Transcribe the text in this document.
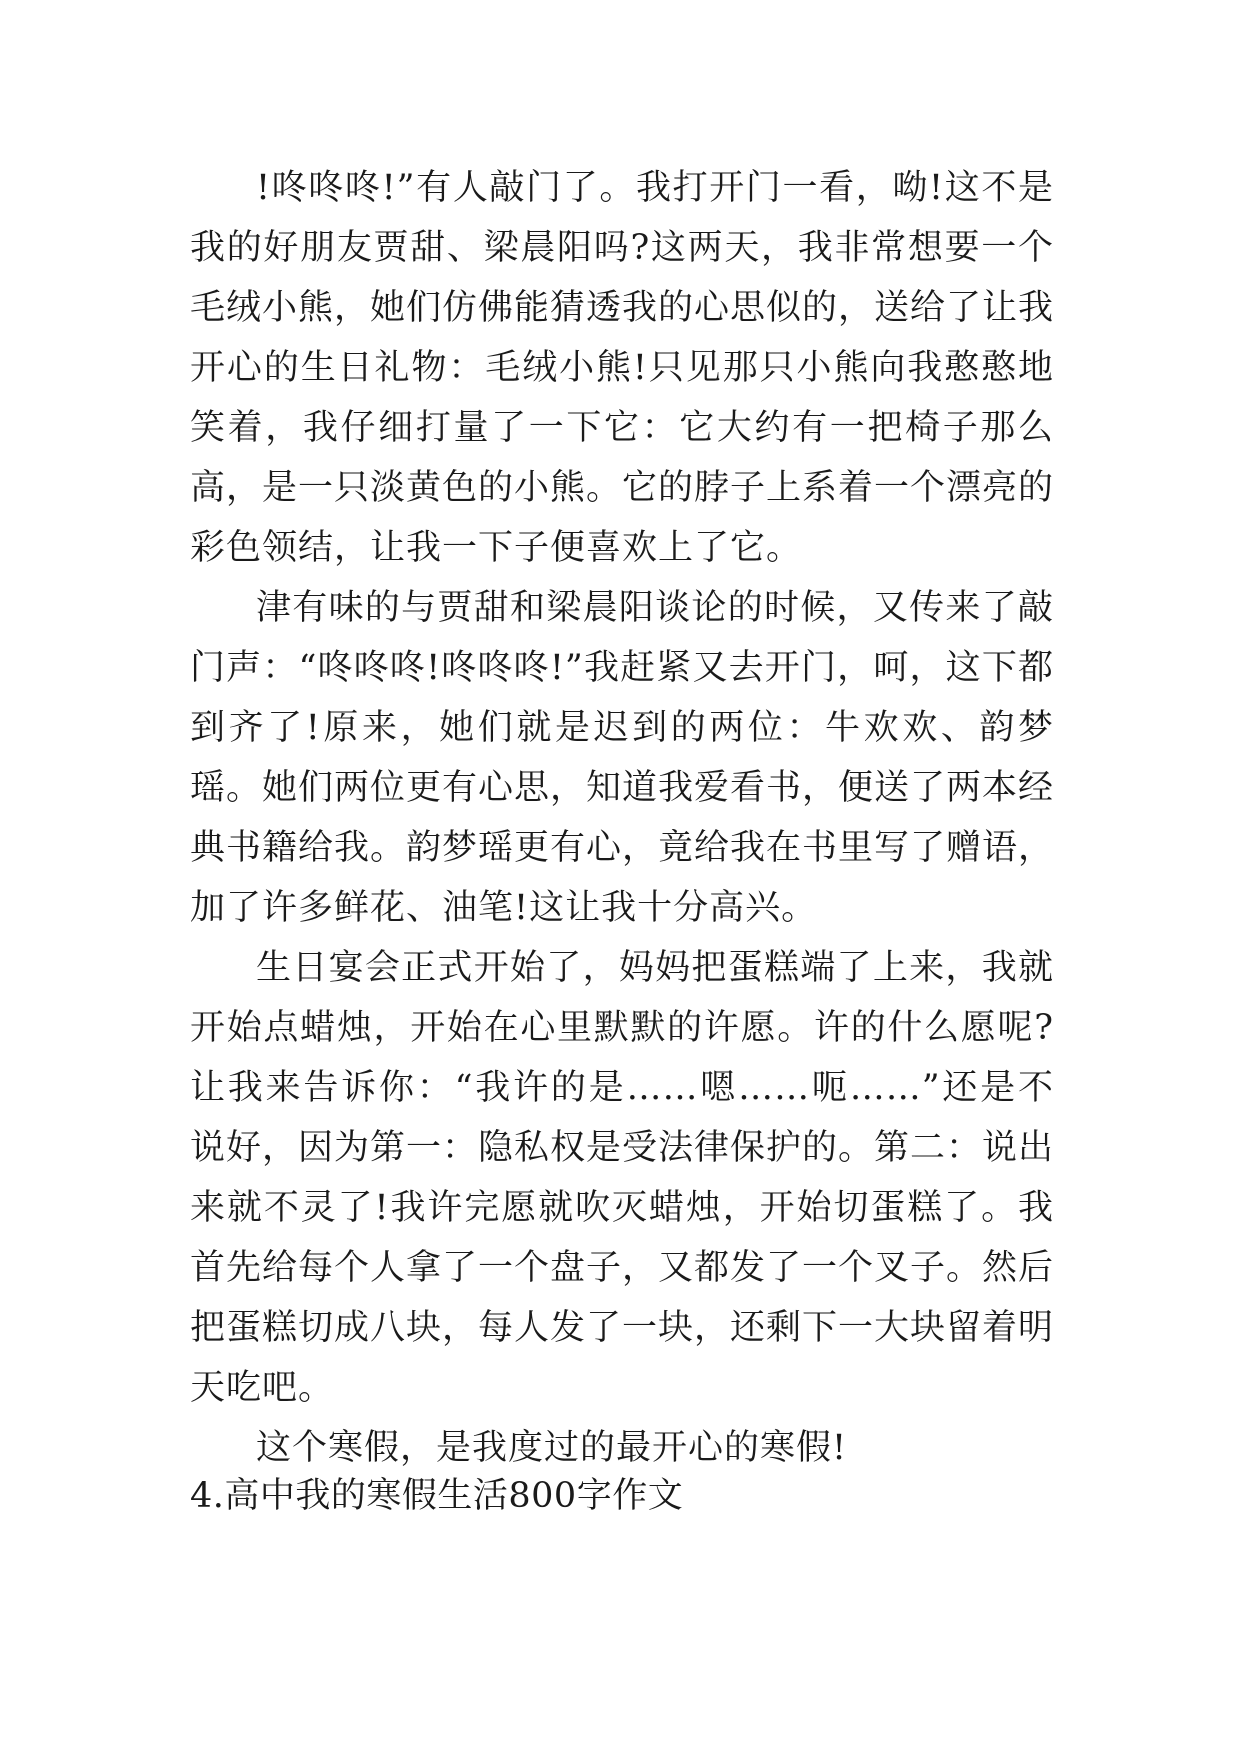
!咚咚咚!”有人敲门了。我打开门一看，呦!这不是我的好朋友贾甜、梁晨阳吗?这两天，我非常想要一个毛绒小熊，她们仿佛能猜透我的心思似的，送给了让我开心的生日礼物：毛绒小熊!只见那只小熊向我憨憨地笑着，我仔细打量了一下它：它大约有一把椅子那么高，是一只淡黄色的小熊。它的脖子上系着一个漂亮的彩色领结，让我一下子便喜欢上了它。

津有味的与贾甜和梁晨阳谈论的时候，又传来了敲门声：“咚咚咚!咚咚咚!”我赶紧又去开门，呵，这下都到齐了!原来，她们就是迟到的两位：牛欢欢、韵梦瑶。她们两位更有心思，知道我爱看书，便送了两本经典书籍给我。韵梦瑶更有心，竟给我在书里写了赠语，加了许多鲜花、油笔!这让我十分高兴。

生日宴会正式开始了，妈妈把蛋糕端了上来，我就开始点蜡烛，开始在心里默默的许愿。许的什么愿呢?让我来告诉你：“我许的是……嗯……呃……”还是不说好，因为第一：隐私权是受法律保护的。第二：说出来就不灵了!我许完愿就吹灭蜡烛，开始切蛋糕了。我首先给每个人拿了一个盘子，又都发了一个叉子。然后把蛋糕切成八块，每人发了一块，还剩下一大块留着明天吃吧。

这个寒假，是我度过的最开心的寒假!

4.高中我的寒假生活800字作文
